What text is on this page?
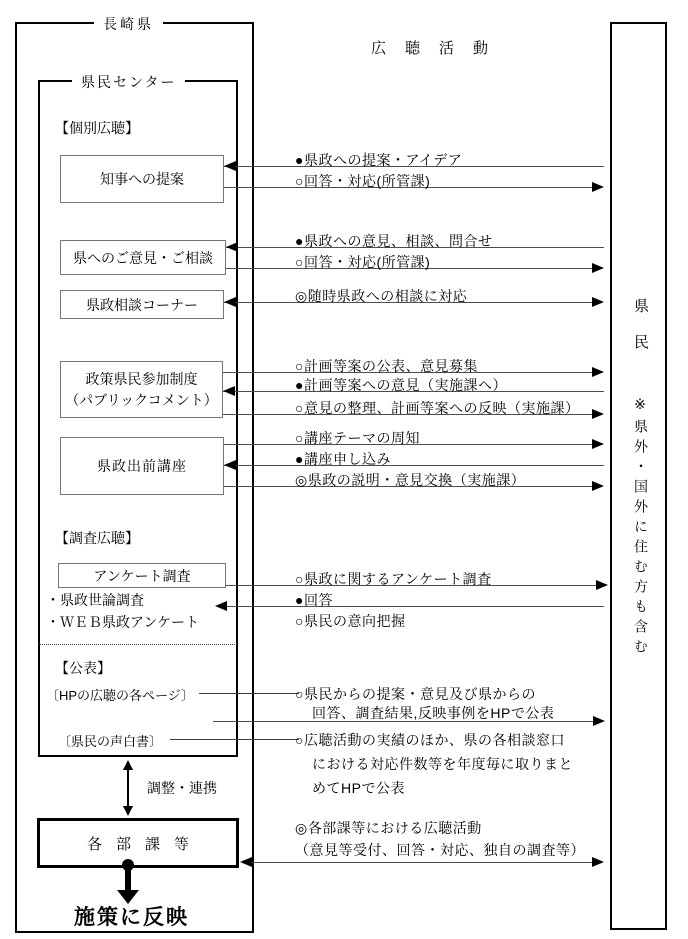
長崎県
県民センター
県民
※県外・国外に住む方も含む
広聴活動
【個別広聴】
【調査広聴】
【公表】
知事への提案
県へのご意見・ご相談
県政相談コーナー
政策県民参加制度
（パブリックコメント）
県政出前講座
アンケート調査
・県政世論調査
・ＷＥＢ県政アンケート
●県政への提案・アイデア
○回答・対応(所管課)
●県政への意見、相談、問合せ
○回答・対応(所管課)
◎随時県政への相談に対応
○計画等案の公表、意見募集
●計画等案への意見（実施課へ）
○意見の整理、計画等案への反映（実施課）
○講座テーマの周知
●講座申し込み
◎県政の説明・意見交換（実施課）
○県政に関するアンケート調査
●回答
○県民の意向把握
〔HPの広聴の各ページ〕	○県民からの提案・意見及び県からの
回答、調査結果,反映事例をHPで公表
〔県民の声白書〕	○広聴活動の実績のほか、県の各相談窓口
における対応件数等を年度毎に取りまと
めてHPで公表
調整・連携
各部課等
◎各部課等における広聴活動
（意見等受付、回答・対応、独自の調査等）
施策に反映
